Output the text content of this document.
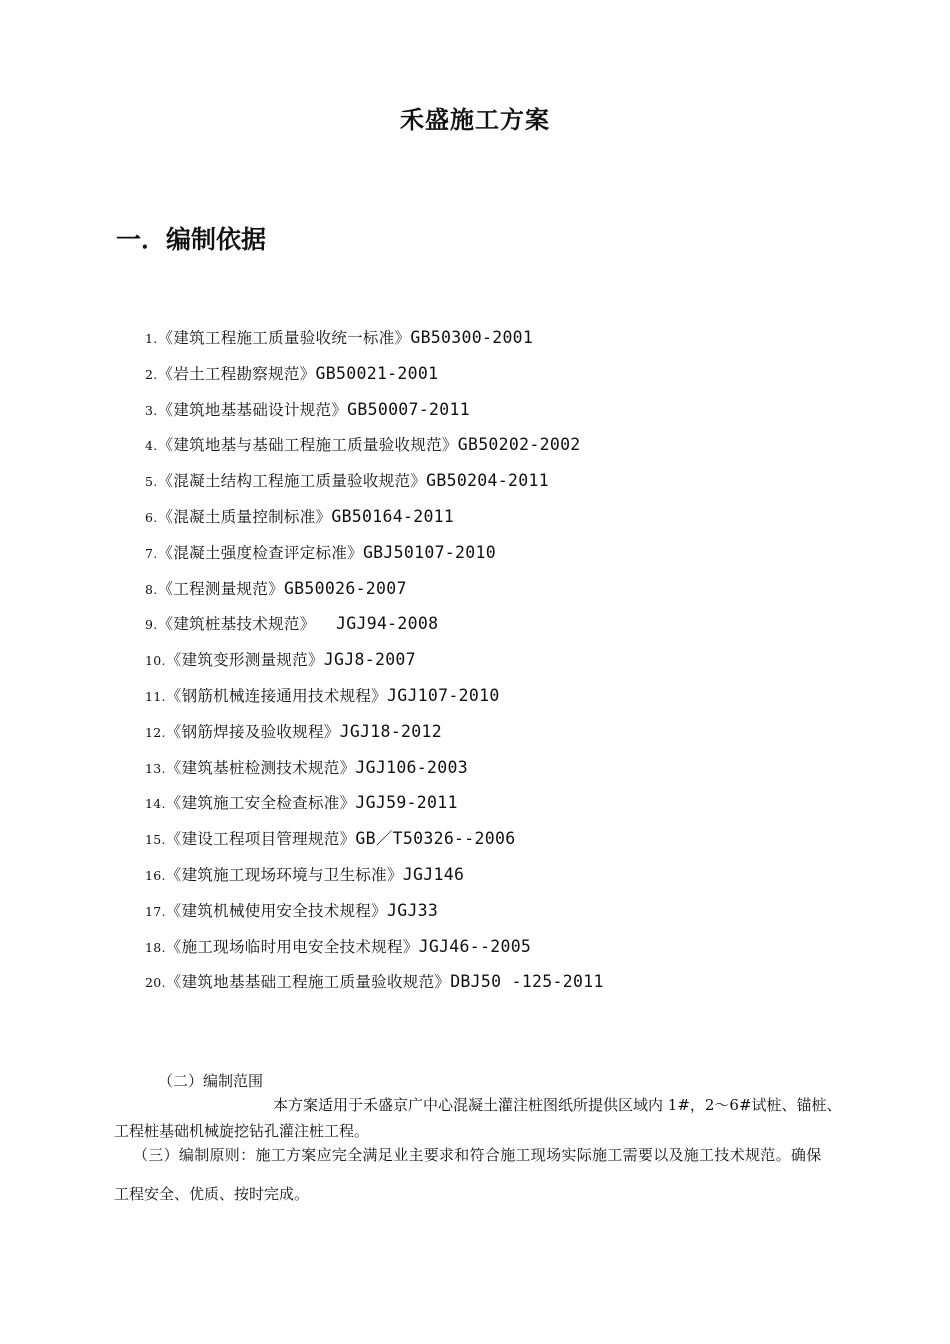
禾盛施工方案
一．编制依据
1.《建筑工程施工质量验收统一标准》GB50300-2001
2.《岩土工程勘察规范》GB50021-2001
3.《建筑地基基础设计规范》GB50007-2011
4.《建筑地基与基础工程施工质量验收规范》GB50202-2002
5.《混凝土结构工程施工质量验收规范》GB50204-2011
6.《混凝土质量控制标准》GB50164-2011
7.《混凝土强度检查评定标准》GBJ50107-2010
8.《工程测量规范》GB50026-2007
9.《建筑桩基技术规范》  JGJ94-2008
10.《建筑变形测量规范》JGJ8-2007
11.《钢筋机械连接通用技术规程》JGJ107-2010
12.《钢筋焊接及验收规程》JGJ18-2012
13.《建筑基桩检测技术规范》JGJ106-2003
14.《建筑施工安全检查标准》JGJ59-2011
15.《建设工程项目管理规范》GB／T50326--2006
16.《建筑施工现场环境与卫生标准》JGJ146
17.《建筑机械使用安全技术规程》JGJ33
18.《施工现场临时用电安全技术规程》JGJ46--2005
20.《建筑地基基础工程施工质量验收规范》DBJ50 -125-2011
（二）编制范围
本方案适用于禾盛京广中心混凝土灌注桩图纸所提供区域内 1#，2～6#试桩、锚桩、
工程桩基础机械旋挖钻孔灌注桩工程。
（三）编制原则：施工方案应完全满足业主要求和符合施工现场实际施工需要以及施工技术规范。确保
工程安全、优质、按时完成。
